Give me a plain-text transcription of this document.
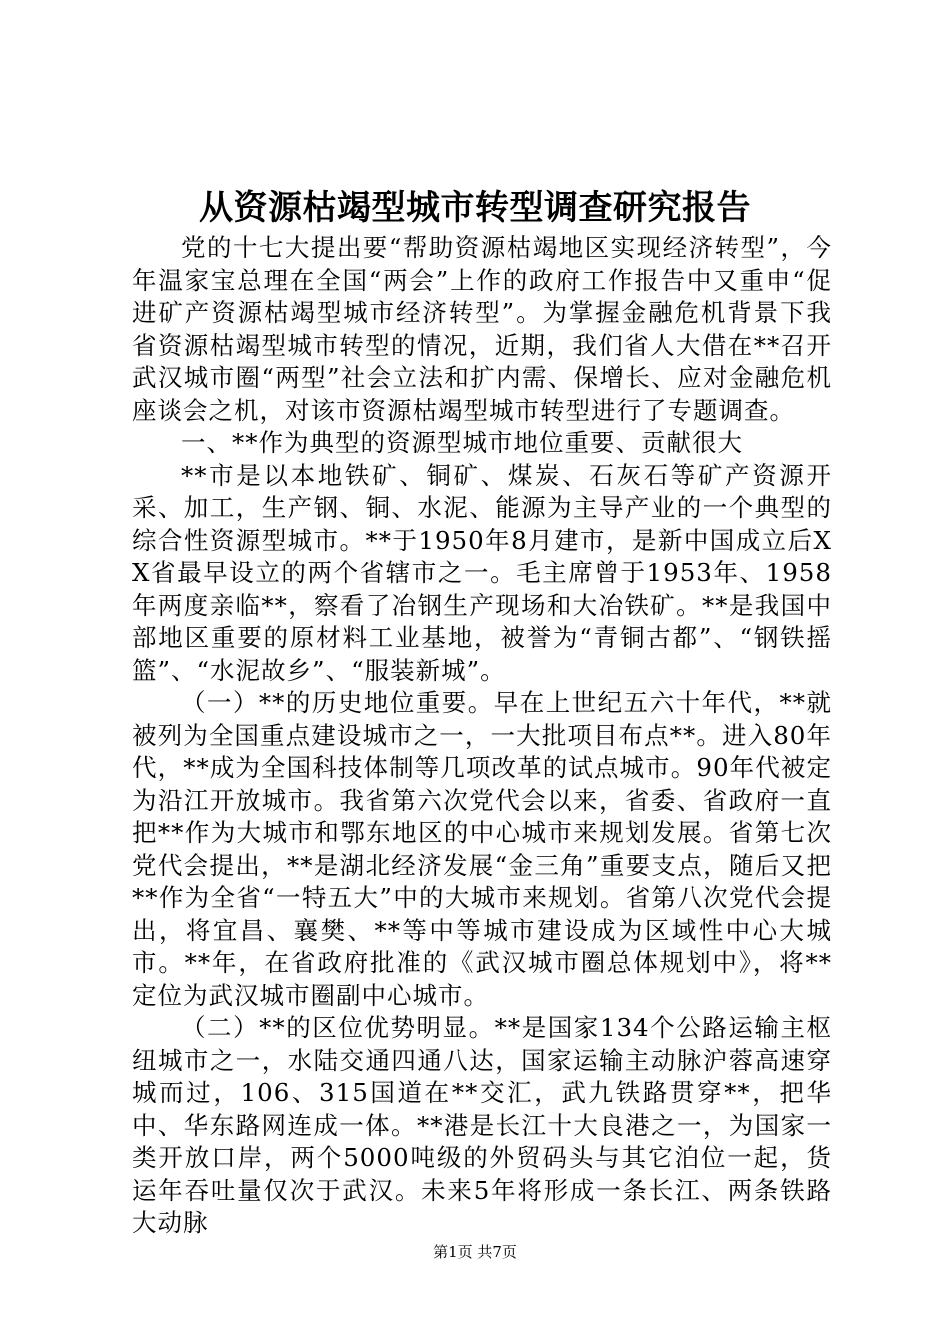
从资源枯竭型城市转型调查研究报告

党的十七大提出要“帮助资源枯竭地区实现经济转型”，今年温家宝总理在全国“两会”上作的政府工作报告中又重申“促进矿产资源枯竭型城市经济转型”。为掌握金融危机背景下我省资源枯竭型城市转型的情况，近期，我们省人大借在**召开武汉城市圈“两型”社会立法和扩内需、保增长、应对金融危机座谈会之机，对该市资源枯竭型城市转型进行了专题调查。

一、**作为典型的资源型城市地位重要、贡献很大

**市是以本地铁矿、铜矿、煤炭、石灰石等矿产资源开采、加工，生产钢、铜、水泥、能源为主导产业的一个典型的综合性资源型城市。**于1950年8月建市，是新中国成立后XX省最早设立的两个省辖市之一。毛主席曾于1953年、1958年两度亲临**，察看了冶钢生产现场和大冶铁矿。**是我国中部地区重要的原材料工业基地，被誉为“青铜古都”、“钢铁摇篮”、“水泥故乡”、“服装新城”。

（一）**的历史地位重要。早在上世纪五六十年代，**就被列为全国重点建设城市之一，一大批项目布点**。进入80年代，**成为全国科技体制等几项改革的试点城市。90年代被定为沿江开放城市。我省第六次党代会以来，省委、省政府一直把**作为大城市和鄂东地区的中心城市来规划发展。省第七次党代会提出，**是湖北经济发展“金三角”重要支点，随后又把**作为全省“一特五大”中的大城市来规划。省第八次党代会提出，将宜昌、襄樊、**等中等城市建设成为区域性中心大城市。**年，在省政府批准的《武汉城市圈总体规划中》，将**定位为武汉城市圈副中心城市。

（二）**的区位优势明显。**是国家134个公路运输主枢纽城市之一，水陆交通四通八达，国家运输主动脉沪蓉高速穿城而过，106、315国道在**交汇，武九铁路贯穿**，把华中、华东路网连成一体。**港是长江十大良港之一，为国家一类开放口岸，两个5000吨级的外贸码头与其它泊位一起，货运年吞吐量仅次于武汉。未来5年将形成一条长江、两条铁路大动脉

第1页 共7页
